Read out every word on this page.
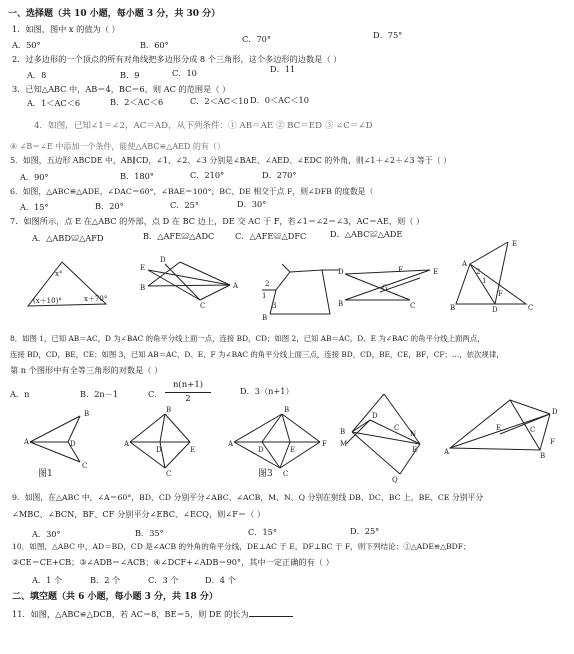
一、选择题（共 10 小题，每小题 3 分，共 30 分）
1．如图，图中 x 的值为（ ）
A．50°	B．60°
C．70°	D．75°
2．过多边形的一个顶点的所有对角线把多边形分成 8 个三角形，这个多边形的边数是（ ）
A．8	B．9	C．10	D．11
3．已知△ABC 中，AB＝4，BC＝6，则 AC 的范围是（ ）
A．1＜AC＜6	B．2＜AC＜6	C．2＜AC＜10 D．0＜AC＜10
4．如图，已知∠1＝∠2，AC＝AD，从下列条件：① AB＝AE ② BC＝ED ③ ∠C＝∠D
④ ∠B＝∠E 中添加一个条件，能使△ABC≌△AED 的有（）
5．如图，五边形 ABCDE 中，AB∥CD，∠1、∠2、∠3 分别是∠BAE、∠AED、∠EDC 的外角，则∠1＋∠2＋∠3 等于（ ）
A．90°	B．180°	C．210°	D．270°
6．如图，△ABC≌△ADE，∠DAC＝60°，∠BAE＝100°，BC、DE 相交于点 F，则∠DFB 的度数是（
A．15°	B．20°	C．25°	D．30°
7．如图所示，点 E 在△ABC 的外部，点 D 在 BC 边上，DE 交 AC 于 F，若∠1＝∠2＝∠3，AC＝AE，则（ ）
A．△ABD≌△AFD	B．△AFE≌△ADC	C．△AFE≌△DFC	D．△ABC≌△ADE
x°
(x＋10)°	x＋70°
E
B
D
C
A	2
1
3
B
D
B
F
G
E
C
A
E
2
1
F
B	D	C
8．如图 1，已知 AB＝AC，D 为∠BAC 的角平分线上面一点，连接 BD，CD；如图 2，已知 AB＝AC，D、E 为∠BAC 的角平分线上面两点，
连接 BD，CD，BE，CE；如图 3，已知 AB＝AC，D、E、F 为∠BAC 的角平分线上面三点，连接 BD，CD，BE，CE，BF，CF；…，依次规律，
第 n 个图形中有全等三角形的对数是（ ）
A．n	B．2n－1	C．
n(n+1)
2
D．3（n+1）
A
B
D
C
图1
A
B
D	E
C
A
B
D	E
F
C
图3
B
M
D
C
N
E
Q
A	B
C
D
E
F
9．如图，在△ABC 中，∠A＝60°，BD、CD 分别平分∠ABC、∠ACB，M、N、Q 分别在射线 DB、DC、BC 上，BE、CE 分别平分
∠MBC、∠BCN，BF、CF 分别平分∠EBC、∠ECQ，则∠F＝（ ）
A．30°	B．35°	C．15°	D．25°
10．如图，△ABC 中，AD＝BD，CD 是∠ACB 的外角的角平分线，DE⊥AC 于 E，DF⊥BC 于 F，则下列结论：①△ADE≌△BDF；
②CE＝CE+CB；③∠ADB＝∠ACB；④∠DCF+∠ADB＝90°，其中一定正确的有（ ）
A．1 个	B．2 个	C．3 个	D．4 个
二、填空题（共 6 小题，每小题 3 分，共 18 分）
11．如图，△ABC≌△DCB，若 AC＝8，BE＝5，则 DE 的长为
